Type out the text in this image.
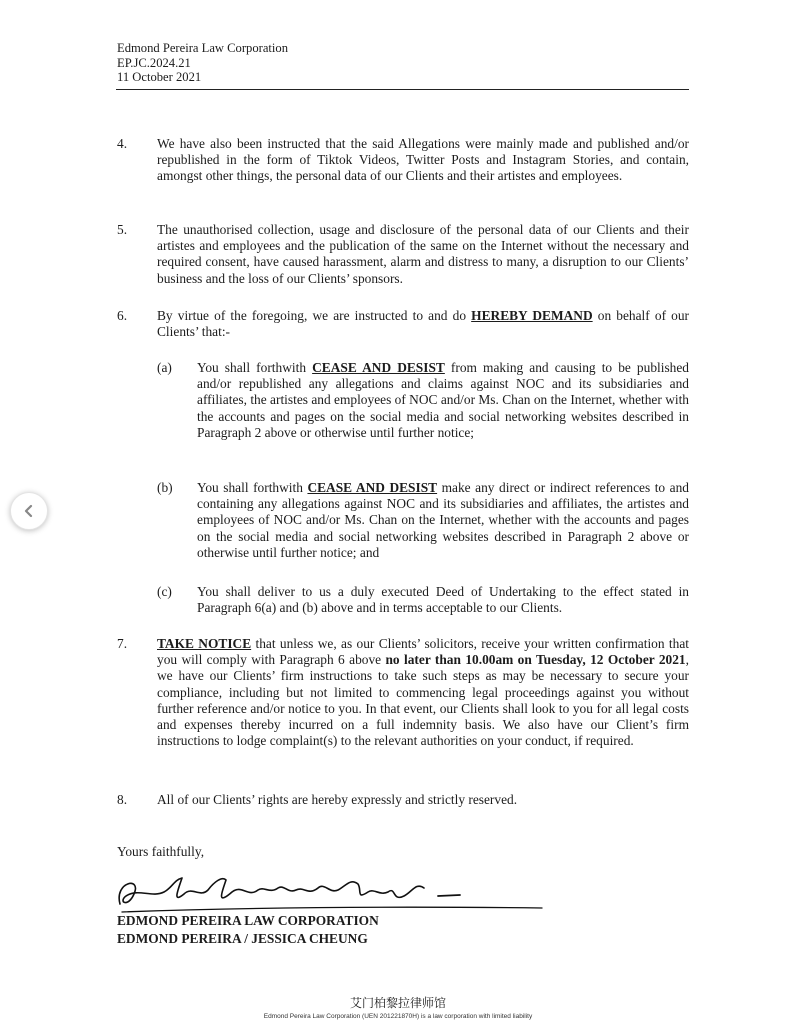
Edmond Pereira Law Corporation
EP.JC.2024.21
11 October 2021
4. We have also been instructed that the said Allegations were mainly made and published and/or republished in the form of Tiktok Videos, Twitter Posts and Instagram Stories, and contain, amongst other things, the personal data of our Clients and their artistes and employees.
5. The unauthorised collection, usage and disclosure of the personal data of our Clients and their artistes and employees and the publication of the same on the Internet without the necessary and required consent, have caused harassment, alarm and distress to many, a disruption to our Clients’ business and the loss of our Clients’ sponsors.
6. By virtue of the foregoing, we are instructed to and do HEREBY DEMAND on behalf of our Clients’ that:-
(a) You shall forthwith CEASE AND DESIST from making and causing to be published and/or republished any allegations and claims against NOC and its subsidiaries and affiliates, the artistes and employees of NOC and/or Ms. Chan on the Internet, whether with the accounts and pages on the social media and social networking websites described in Paragraph 2 above or otherwise until further notice;
(b) You shall forthwith CEASE AND DESIST make any direct or indirect references to and containing any allegations against NOC and its subsidiaries and affiliates, the artistes and employees of NOC and/or Ms. Chan on the Internet, whether with the accounts and pages on the social media and social networking websites described in Paragraph 2 above or otherwise until further notice; and
(c) You shall deliver to us a duly executed Deed of Undertaking to the effect stated in Paragraph 6(a) and (b) above and in terms acceptable to our Clients.
7. TAKE NOTICE that unless we, as our Clients’ solicitors, receive your written confirmation that you will comply with Paragraph 6 above no later than 10.00am on Tuesday, 12 October 2021, we have our Clients’ firm instructions to take such steps as may be necessary to secure your compliance, including but not limited to commencing legal proceedings against you without further reference and/or notice to you. In that event, our Clients shall look to you for all legal costs and expenses thereby incurred on a full indemnity basis. We also have our Client’s firm instructions to lodge complaint(s) to the relevant authorities on your conduct, if required.
8. All of our Clients’ rights are hereby expressly and strictly reserved.
Yours faithfully,
EDMOND PEREIRA LAW CORPORATION
EDMOND PEREIRA / JESSICA CHEUNG
艾门柏黎拉律师馆
Edmond Pereira Law Corporation (UEN 201221870H) is a law corporation with limited liability
